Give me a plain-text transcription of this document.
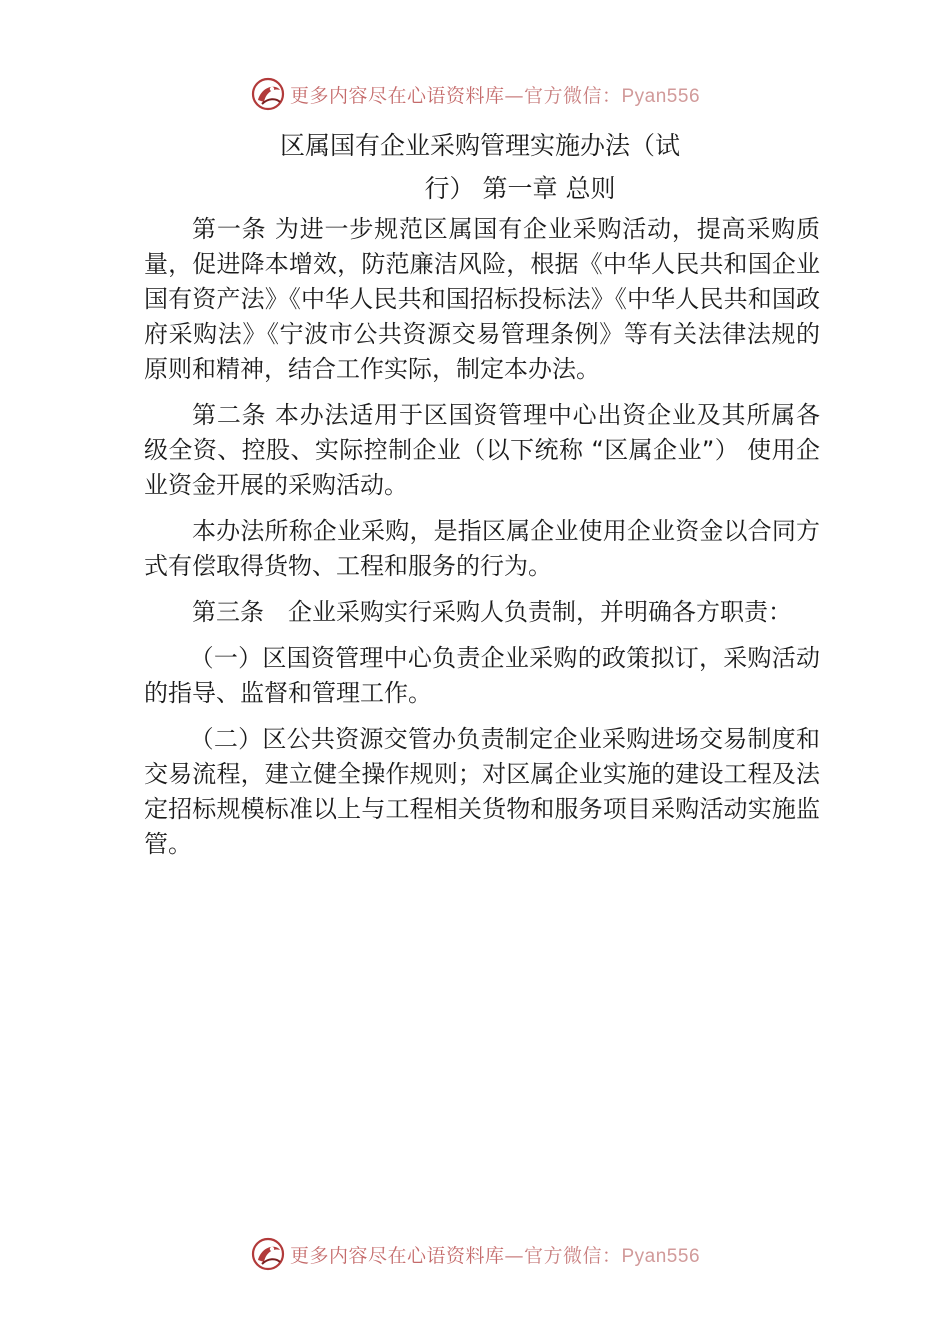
更多内容尽在心语资料库—官方微信：Pyan556
区属国有企业采购管理实施办法（试
行） 第一章 总则

第一条 为进一步规范区属国有企业采购活动，提高采购质量，促进降本增效，防范廉洁风险，根据《中华人民共和国企业国有资产法》《中华人民共和国招标投标法》《中华人民共和国政府采购法》《宁波市公共资源交易管理条例》等有关法律法规的原则和精神，结合工作实际，制定本办法。

第二条 本办法适用于区国资管理中心出资企业及其所属各级全资、控股、实际控制企业（以下统称 “区属企业”） 使用企业资金开展的采购活动。

本办法所称企业采购，是指区属企业使用企业资金以合同方式有偿取得货物、工程和服务的行为。

第三条　企业采购实行采购人负责制，并明确各方职责：

（一）区国资管理中心负责企业采购的政策拟订，采购活动的指导、监督和管理工作。

（二）区公共资源交管办负责制定企业采购进场交易制度和交易流程，建立健全操作规则；对区属企业实施的建设工程及法定招标规模标准以上与工程相关货物和服务项目采购活动实施监管。

更多内容尽在心语资料库—官方微信：Pyan556
